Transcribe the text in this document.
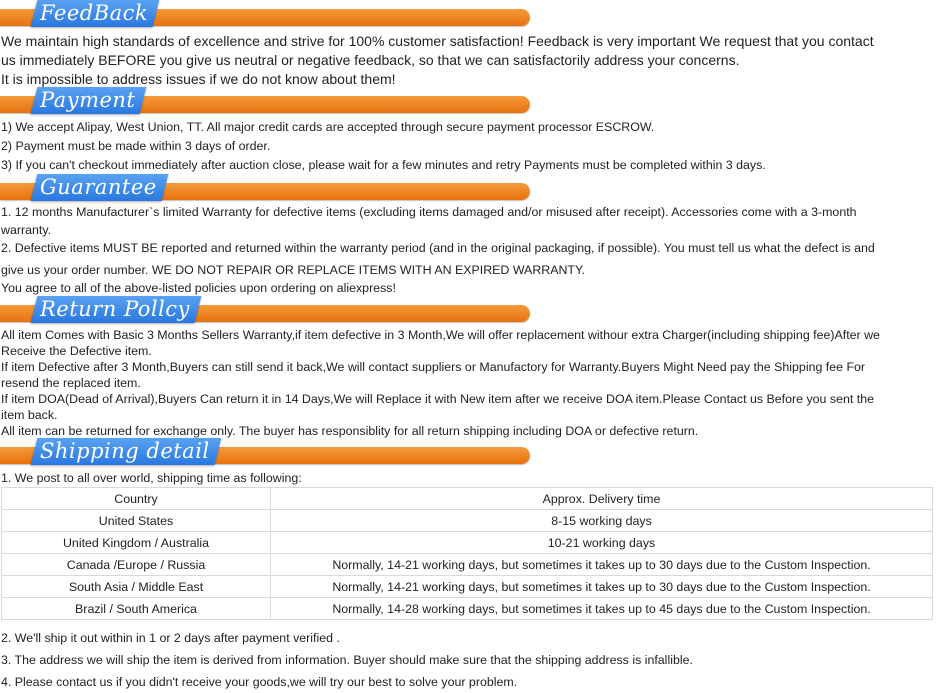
FeedBack

We maintain high standards of excellence and strive for 100% customer satisfaction! Feedback is very important We request that you contact
us immediately BEFORE you give us neutral or negative feedback, so that we can satisfactorily address your concerns.
It is impossible to address issues if we do not know about them!

Payment

1) We accept Alipay, West Union, TT. All major credit cards are accepted through secure payment processor ESCROW.
2) Payment must be made within 3 days of order.
3) If you can't checkout immediately after auction close, please wait for a few minutes and retry Payments must be completed within 3 days.

Guarantee

1. 12 months Manufacturer`s limited Warranty for defective items (excluding items damaged and/or misused after receipt). Accessories come with a 3-month
warranty.

2. Defective items MUST BE reported and returned within the warranty period (and in the original packaging, if possible). You must tell us what the defect is and
give us your order number. WE DO NOT REPAIR OR REPLACE ITEMS WITH AN EXPIRED WARRANTY.

You agree to all of the above-listed policies upon ordering on aliexpress!

Return Pollcy

All item Comes with Basic 3 Months Sellers Warranty,if item defective in 3 Month,We will offer replacement withour extra Charger(including shipping fee)After we
Receive the Defective item.
If item Defective after 3 Month,Buyers can still send it back,We will contact suppliers or Manufactory for Warranty.Buyers Might Need pay the Shipping fee For
resend the replaced item.
If item DOA(Dead of Arrival),Buyers Can return it in 14 Days,We will Replace it with New item after we receive DOA item.Please Contact us Before you sent the
item back.
All item can be returned for exchange only. The buyer has responsiblity for all return shipping including DOA or defective return.

Shipping detail

1. We post to all over world, shipping time as following:

Country	Approx. Delivery time
United States	8-15 working days
United Kingdom / Australia	10-21 working days
Canada /Europe / Russia	Normally, 14-21 working days, but sometimes it takes up to 30 days due to the Custom Inspection.
South Asia / Middle East	Normally, 14-21 working days, but sometimes it takes up to 30 days due to the Custom Inspection.
Brazil / South America	Normally, 14-28 working days, but sometimes it takes up to 45 days due to the Custom Inspection.

2. We'll ship it out within in 1 or 2 days after payment verified .
3. The address we will ship the item is derived from information. Buyer should make sure that the shipping address is infallible.
4. Please contact us if you didn't receive your goods,we will try our best to solve your problem.
